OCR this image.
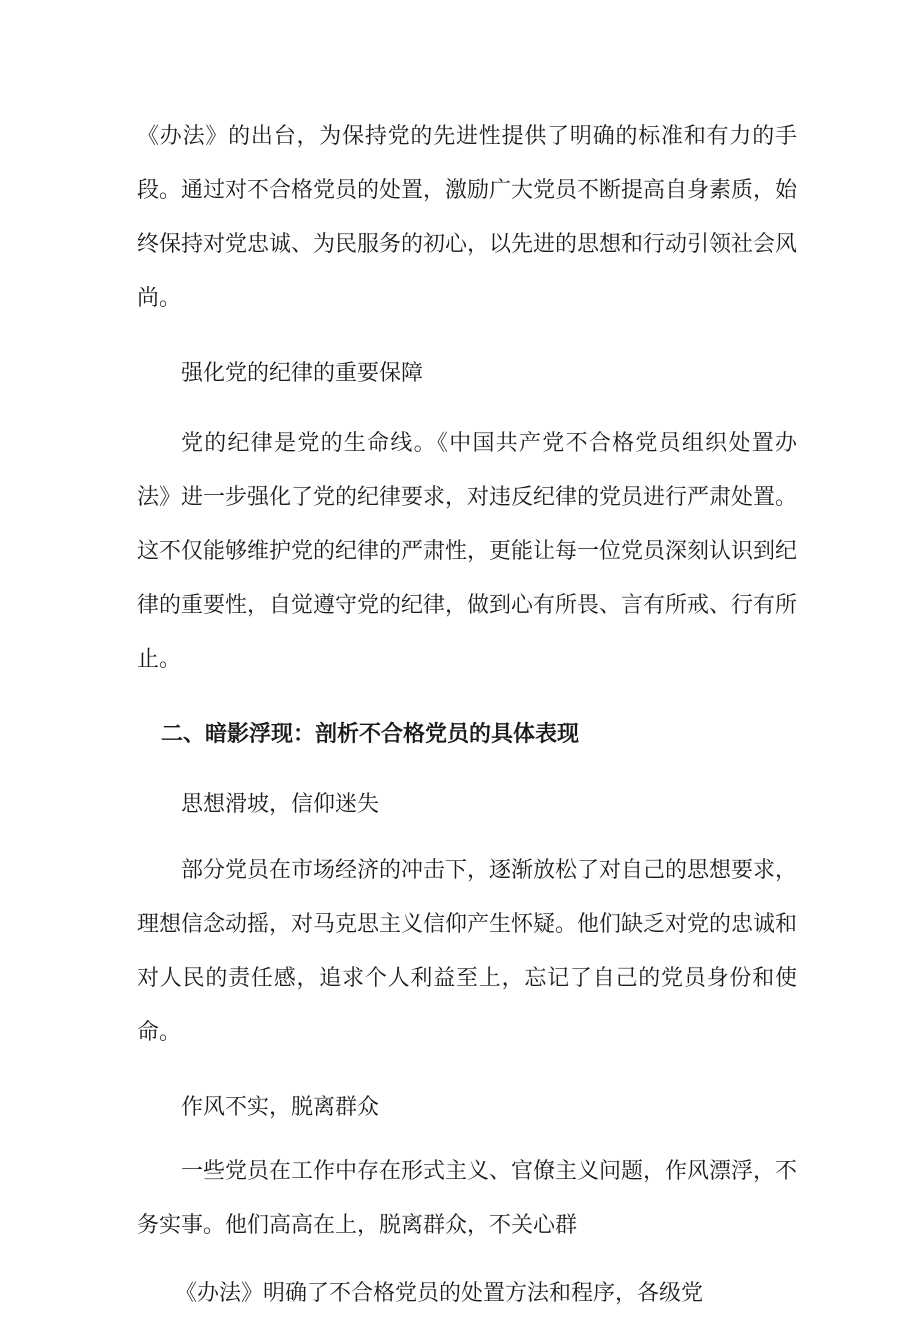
《办法》的出台，为保持党的先进性提供了明确的标准和有力的手段。通过对不合格党员的处置，激励广大党员不断提高自身素质，始终保持对党忠诚、为民服务的初心，以先进的思想和行动引领社会风尚。

强化党的纪律的重要保障

党的纪律是党的生命线。《中国共产党不合格党员组织处置办法》进一步强化了党的纪律要求，对违反纪律的党员进行严肃处置。这不仅能够维护党的纪律的严肃性，更能让每一位党员深刻认识到纪律的重要性，自觉遵守党的纪律，做到心有所畏、言有所戒、行有所止。

二、暗影浮现：剖析不合格党员的具体表现

思想滑坡，信仰迷失

部分党员在市场经济的冲击下，逐渐放松了对自己的思想要求，理想信念动摇，对马克思主义信仰产生怀疑。他们缺乏对党的忠诚和对人民的责任感，追求个人利益至上，忘记了自己的党员身份和使命。

作风不实，脱离群众

一些党员在工作中存在形式主义、官僚主义问题，作风漂浮，不务实事。他们高高在上，脱离群众，不关心群

《办法》明确了不合格党员的处置方法和程序，各级党
